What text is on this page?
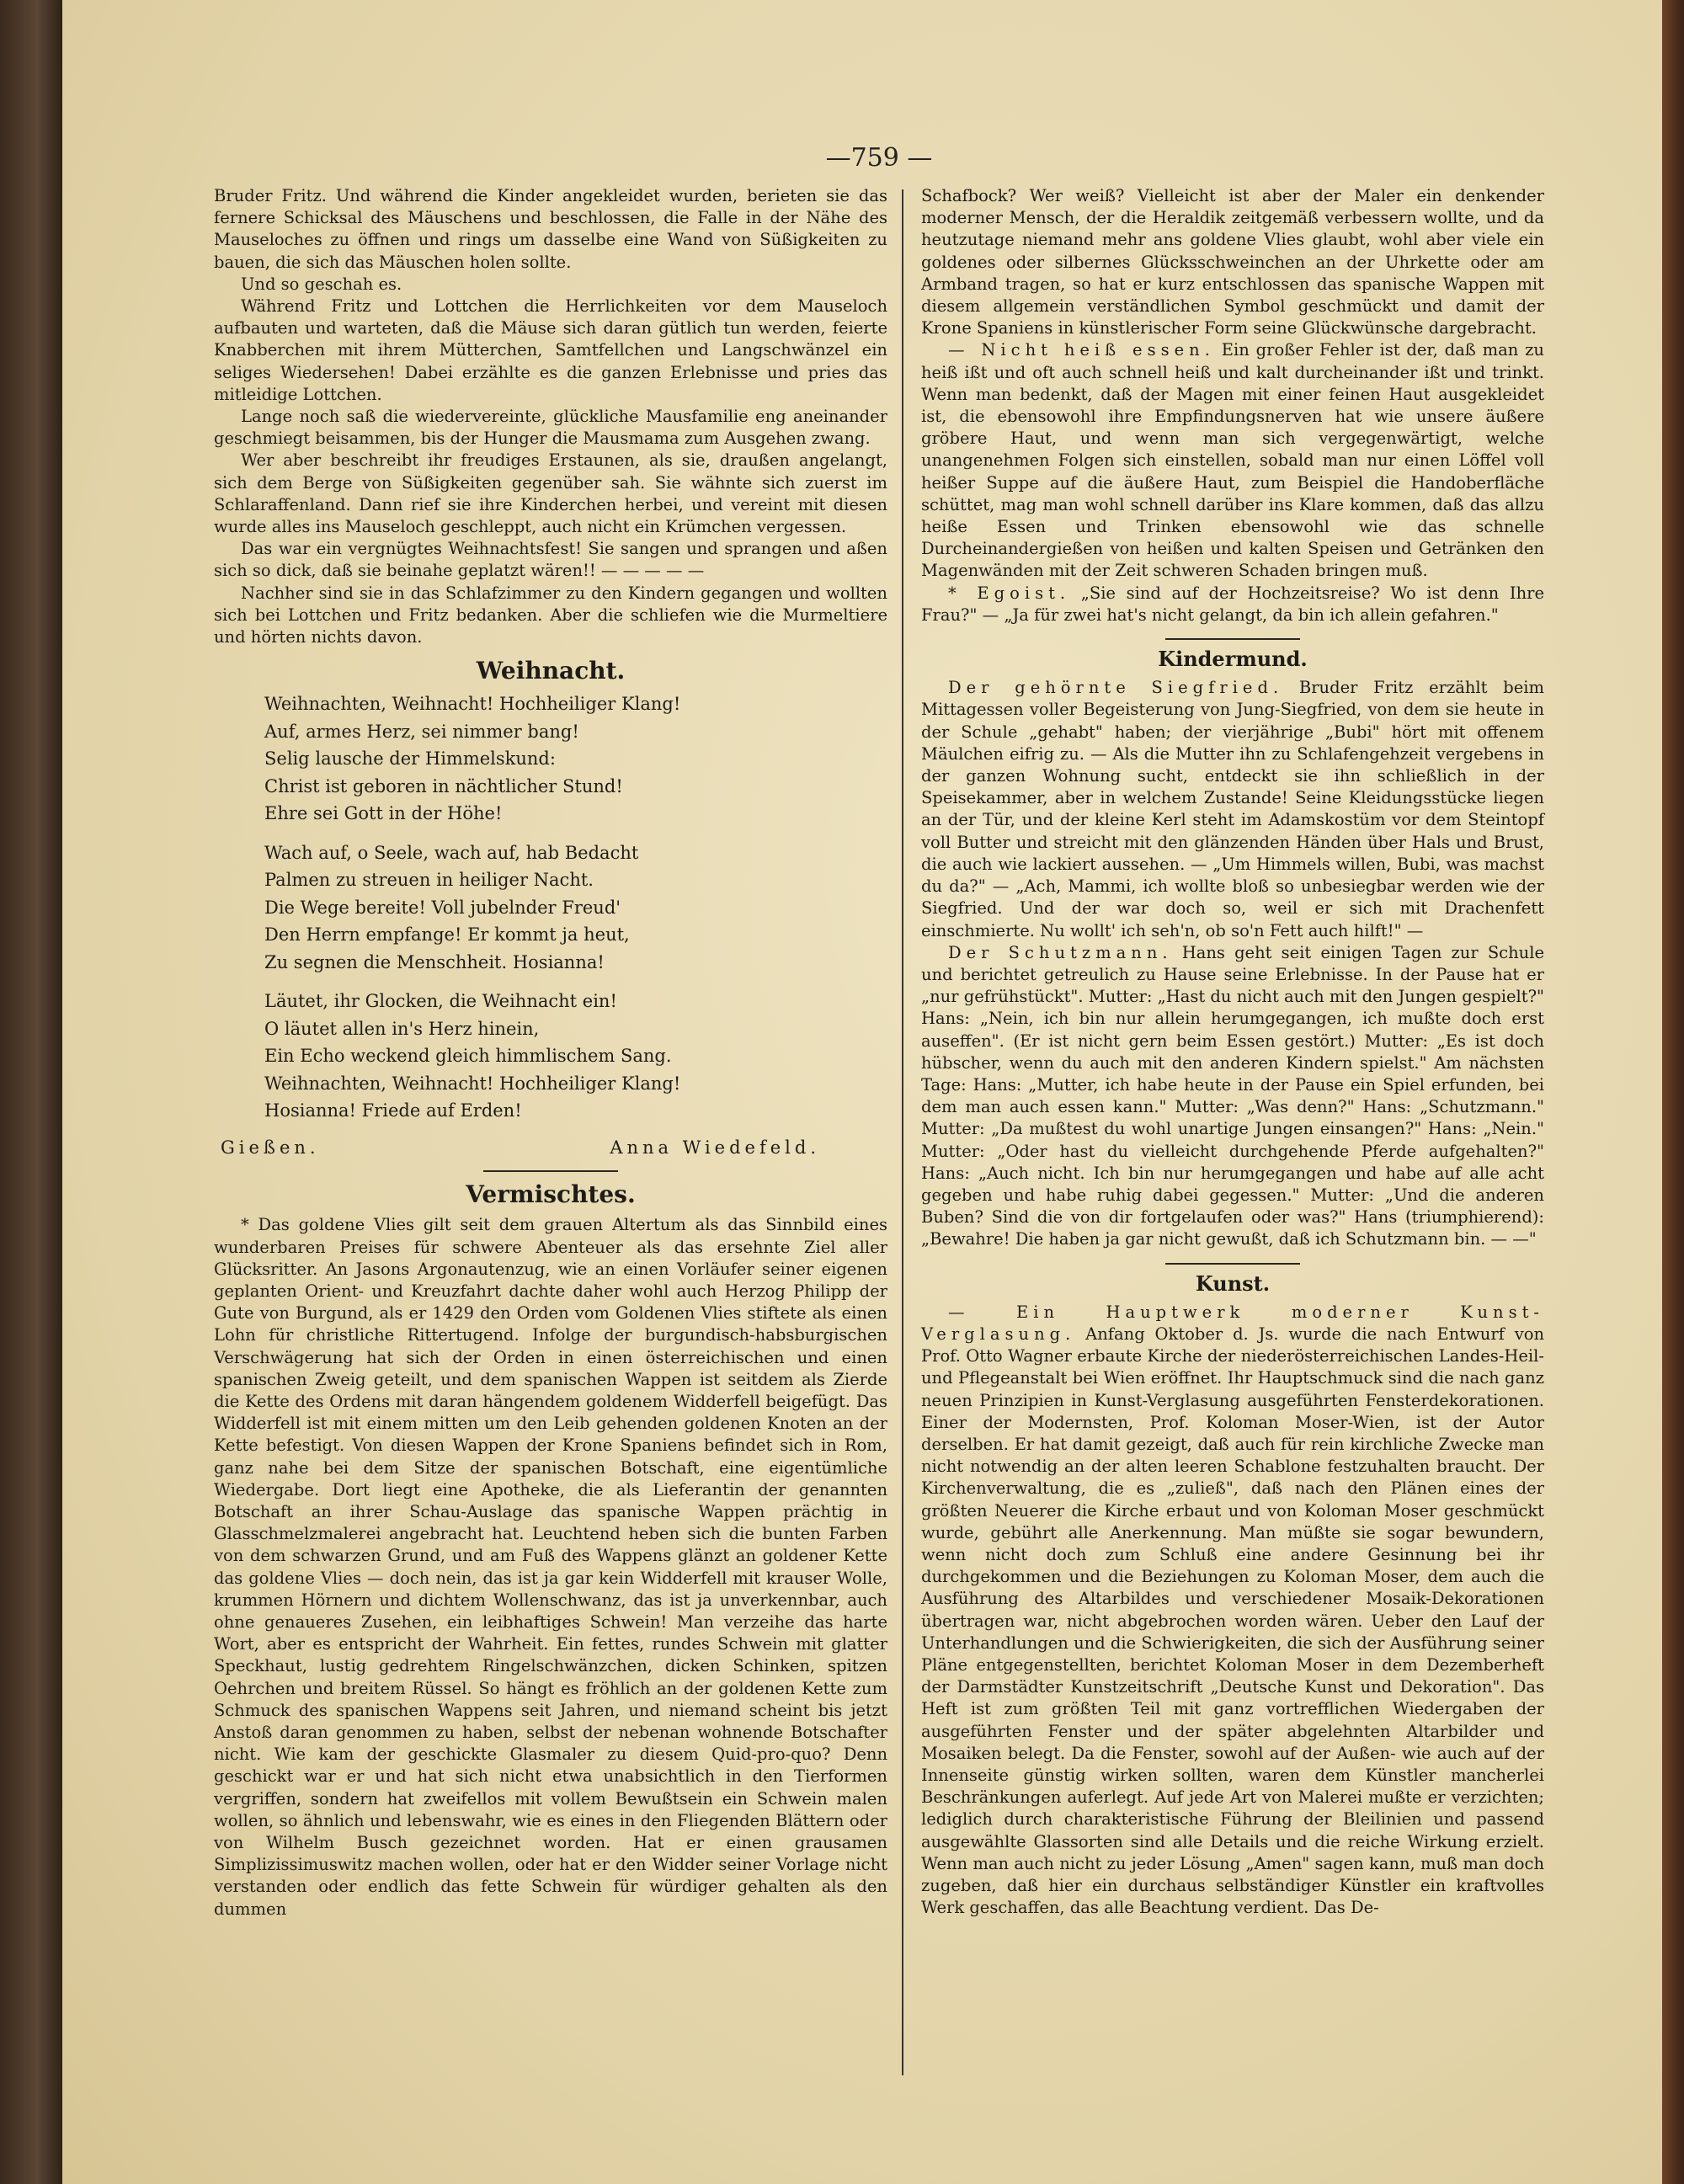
—759 —

Bruder Fritz. Und während die Kinder angekleidet wurden, berieten sie das fernere Schicksal des Mäuschens und beschlossen, die Falle in der Nähe des Mauseloches zu öffnen und rings um dasselbe eine Wand von Süßigkeiten zu bauen, die sich das Mäuschen holen sollte.

Und so geschah es.

Während Fritz und Lottchen die Herrlichkeiten vor dem Mauseloch aufbauten und warteten, daß die Mäuse sich daran gütlich tun werden, feierte Knabberchen mit ihrem Mütterchen, Samtfellchen und Langschwänzel ein seliges Wiedersehen! Dabei erzählte es die ganzen Erlebnisse und pries das mitleidige Lottchen.

Lange noch saß die wiedervereinte, glückliche Mausfamilie eng aneinander geschmiegt beisammen, bis der Hunger die Mausmama zum Ausgehen zwang.

Wer aber beschreibt ihr freudiges Erstaunen, als sie, draußen angelangt, sich dem Berge von Süßigkeiten gegenüber sah. Sie wähnte sich zuerst im Schlaraffenland. Dann rief sie ihre Kinderchen herbei, und vereint mit diesen wurde alles ins Mauseloch geschleppt, auch nicht ein Krümchen vergessen.

Das war ein vergnügtes Weihnachtsfest! Sie sangen und sprangen und aßen sich so dick, daß sie beinahe geplatzt wären!! — — — — —

Nachher sind sie in das Schlafzimmer zu den Kindern gegangen und wollten sich bei Lottchen und Fritz bedanken. Aber die schliefen wie die Murmeltiere und hörten nichts davon.

Weihnacht.
Weihnachten, Weihnacht! Hochheiliger Klang!
Auf, armes Herz, sei nimmer bang!
Selig lausche der Himmelskund:
Christ ist geboren in nächtlicher Stund!
Ehre sei Gott in der Höhe!
Wach auf, o Seele, wach auf, hab Bedacht
Palmen zu streuen in heiliger Nacht.
Die Wege bereite! Voll jubelnder Freud'
Den Herrn empfange! Er kommt ja heut,
Zu segnen die Menschheit. Hosianna!
Läutet, ihr Glocken, die Weihnacht ein!
O läutet allen in's Herz hinein,
Ein Echo weckend gleich himmlischem Sang.
Weihnachten, Weihnacht! Hochheiliger Klang!
Hosianna! Friede auf Erden!
Gießen.	Anna Wiedefeld.
Vermischtes.

* Das goldene Vlies gilt seit dem grauen Altertum als das Sinnbild eines wunderbaren Preises für schwere Abenteuer als das ersehnte Ziel aller Glücksritter. An Jasons Argonautenzug, wie an einen Vorläufer seiner eigenen geplanten Orient- und Kreuzfahrt dachte daher wohl auch Herzog Philipp der Gute von Burgund, als er 1429 den Orden vom Goldenen Vlies stiftete als einen Lohn für christliche Rittertugend. Infolge der burgundisch-habsburgischen Verschwägerung hat sich der Orden in einen österreichischen und einen spanischen Zweig geteilt, und dem spanischen Wappen ist seitdem als Zierde die Kette des Ordens mit daran hängendem goldenem Widderfell beigefügt. Das Widderfell ist mit einem mitten um den Leib gehenden goldenen Knoten an der Kette befestigt. Von diesen Wappen der Krone Spaniens befindet sich in Rom, ganz nahe bei dem Sitze der spanischen Botschaft, eine eigentümliche Wiedergabe. Dort liegt eine Apotheke, die als Lieferantin der genannten Botschaft an ihrer Schau-Auslage das spanische Wappen prächtig in Glasschmelzmalerei angebracht hat. Leuchtend heben sich die bunten Farben von dem schwarzen Grund, und am Fuß des Wappens glänzt an goldener Kette das goldene Vlies — doch nein, das ist ja gar kein Widderfell mit krauser Wolle, krummen Hörnern und dichtem Wollenschwanz, das ist ja unverkennbar, auch ohne genaueres Zusehen, ein leibhaftiges Schwein! Man verzeihe das harte Wort, aber es entspricht der Wahrheit. Ein fettes, rundes Schwein mit glatter Speckhaut, lustig gedrehtem Ringelschwänzchen, dicken Schinken, spitzen Oehrchen und breitem Rüssel. So hängt es fröhlich an der goldenen Kette zum Schmuck des spanischen Wappens seit Jahren, und niemand scheint bis jetzt Anstoß daran genommen zu haben, selbst der nebenan wohnende Botschafter nicht. Wie kam der geschickte Glasmaler zu diesem Quid-pro-quo? Denn geschickt war er und hat sich nicht etwa unabsichtlich in den Tierformen vergriffen, sondern hat zweifellos mit vollem Bewußtsein ein Schwein malen wollen, so ähnlich und lebenswahr, wie es eines in den Fliegenden Blättern oder von Wilhelm Busch gezeichnet worden. Hat er einen grausamen Simplizissimuswitz machen wollen, oder hat er den Widder seiner Vorlage nicht verstanden oder endlich das fette Schwein für würdiger gehalten als den dummen

Schafbock? Wer weiß? Vielleicht ist aber der Maler ein denkender moderner Mensch, der die Heraldik zeitgemäß verbessern wollte, und da heutzutage niemand mehr ans goldene Vlies glaubt, wohl aber viele ein goldenes oder silbernes Glücksschweinchen an der Uhrkette oder am Armband tragen, so hat er kurz entschlossen das spanische Wappen mit diesem allgemein verständlichen Symbol geschmückt und damit der Krone Spaniens in künstlerischer Form seine Glückwünsche dargebracht.

— Nicht heiß essen. Ein großer Fehler ist der, daß man zu heiß ißt und oft auch schnell heiß und kalt durcheinander ißt und trinkt. Wenn man bedenkt, daß der Magen mit einer feinen Haut ausgekleidet ist, die ebensowohl ihre Empfindungsnerven hat wie unsere äußere gröbere Haut, und wenn man sich vergegenwärtigt, welche unangenehmen Folgen sich einstellen, sobald man nur einen Löffel voll heißer Suppe auf die äußere Haut, zum Beispiel die Handoberfläche schüttet, mag man wohl schnell darüber ins Klare kommen, daß das allzu heiße Essen und Trinken ebensowohl wie das schnelle Durcheinandergießen von heißen und kalten Speisen und Getränken den Magenwänden mit der Zeit schweren Schaden bringen muß.

* Egoist. „Sie sind auf der Hochzeitsreise? Wo ist denn Ihre Frau?" — „Ja für zwei hat's nicht gelangt, da bin ich allein gefahren."

Kindermund.

Der gehörnte Siegfried. Bruder Fritz erzählt beim Mittagessen voller Begeisterung von Jung-Siegfried, von dem sie heute in der Schule „gehabt" haben; der vierjährige „Bubi" hört mit offenem Mäulchen eifrig zu. — Als die Mutter ihn zu Schlafengehzeit vergebens in der ganzen Wohnung sucht, entdeckt sie ihn schließlich in der Speisekammer, aber in welchem Zustande! Seine Kleidungsstücke liegen an der Tür, und der kleine Kerl steht im Adamskostüm vor dem Steintopf voll Butter und streicht mit den glänzenden Händen über Hals und Brust, die auch wie lackiert aussehen. — „Um Himmels willen, Bubi, was machst du da?" — „Ach, Mammi, ich wollte bloß so unbesiegbar werden wie der Siegfried. Und der war doch so, weil er sich mit Drachenfett einschmierte. Nu wollt' ich seh'n, ob so'n Fett auch hilft!" —

Der Schutzmann. Hans geht seit einigen Tagen zur Schule und berichtet getreulich zu Hause seine Erlebnisse. In der Pause hat er „nur gefrühstückt". Mutter: „Hast du nicht auch mit den Jungen gespielt?" Hans: „Nein, ich bin nur allein herumgegangen, ich mußte doch erst auseffen". (Er ist nicht gern beim Essen gestört.) Mutter: „Es ist doch hübscher, wenn du auch mit den anderen Kindern spielst." Am nächsten Tage: Hans: „Mutter, ich habe heute in der Pause ein Spiel erfunden, bei dem man auch essen kann." Mutter: „Was denn?" Hans: „Schutzmann." Mutter: „Da mußtest du wohl unartige Jungen einsangen?" Hans: „Nein." Mutter: „Oder hast du vielleicht durchgehende Pferde aufgehalten?" Hans: „Auch nicht. Ich bin nur herumgegangen und habe auf alle acht gegeben und habe ruhig dabei gegessen." Mutter: „Und die anderen Buben? Sind die von dir fortgelaufen oder was?" Hans (triumphierend): „Bewahre! Die haben ja gar nicht gewußt, daß ich Schutzmann bin. — —"

Kunst.

— Ein Hauptwerk moderner Kunst-Verglasung. Anfang Oktober d. Js. wurde die nach Entwurf von Prof. Otto Wagner erbaute Kirche der niederösterreichischen Landes-Heil- und Pflegeanstalt bei Wien eröffnet. Ihr Hauptschmuck sind die nach ganz neuen Prinzipien in Kunst-Verglasung ausgeführten Fensterdekorationen. Einer der Modernsten, Prof. Koloman Moser-Wien, ist der Autor derselben. Er hat damit gezeigt, daß auch für rein kirchliche Zwecke man nicht notwendig an der alten leeren Schablone festzuhalten braucht. Der Kirchenverwaltung, die es „zuließ", daß nach den Plänen eines der größten Neuerer die Kirche erbaut und von Koloman Moser geschmückt wurde, gebührt alle Anerkennung. Man müßte sie sogar bewundern, wenn nicht doch zum Schluß eine andere Gesinnung bei ihr durchgekommen und die Beziehungen zu Koloman Moser, dem auch die Ausführung des Altarbildes und verschiedener Mosaik-Dekorationen übertragen war, nicht abgebrochen worden wären. Ueber den Lauf der Unterhandlungen und die Schwierigkeiten, die sich der Ausführung seiner Pläne entgegenstellten, berichtet Koloman Moser in dem Dezemberheft der Darmstädter Kunstzeitschrift „Deutsche Kunst und Dekoration". Das Heft ist zum größten Teil mit ganz vortrefflichen Wiedergaben der ausgeführten Fenster und der später abgelehnten Altarbilder und Mosaiken belegt. Da die Fenster, sowohl auf der Außen- wie auch auf der Innenseite günstig wirken sollten, waren dem Künstler mancherlei Beschränkungen auferlegt. Auf jede Art von Malerei mußte er verzichten; lediglich durch charakteristische Führung der Bleilinien und passend ausgewählte Glassorten sind alle Details und die reiche Wirkung erzielt. Wenn man auch nicht zu jeder Lösung „Amen" sagen kann, muß man doch zugeben, daß hier ein durchaus selbständiger Künstler ein kraftvolles Werk geschaffen, das alle Beachtung verdient. Das De-
